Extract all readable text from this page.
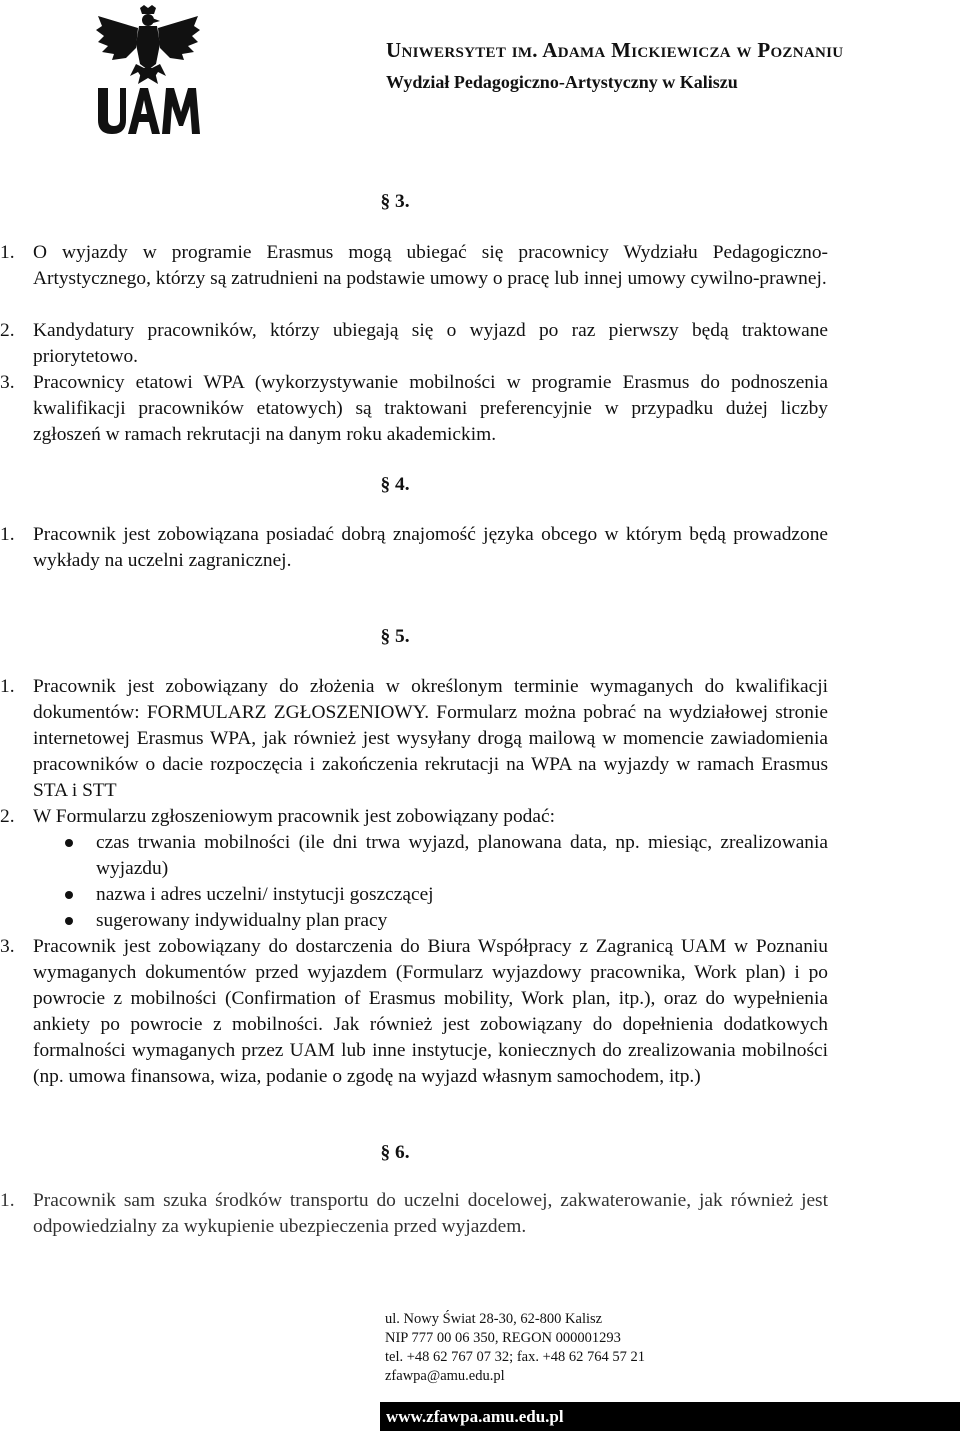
Uniwersytet im. Adama Mickiewicza w Poznaniu
Wydział Pedagogiczno-Artystyczny w Kaliszu
§ 3.
1. O wyjazdy w programie Erasmus mogą ubiegać się pracownicy Wydziału Pedagogiczno-Artystycznego, którzy są zatrudnieni na podstawie umowy o pracę lub innej umowy cywilno-prawnej.
2. Kandydatury pracowników, którzy ubiegają się o wyjazd po raz pierwszy będą traktowane priorytetowo.
3. Pracownicy etatowi WPA (wykorzystywanie mobilności w programie Erasmus do podnoszenia kwalifikacji pracowników etatowych) są traktowani preferencyjnie w przypadku dużej liczby zgłoszeń w ramach rekrutacji na danym roku akademickim.
§ 4.
1. Pracownik jest zobowiązana posiadać dobrą znajomość języka obcego w którym będą prowadzone wykłady na uczelni zagranicznej.
§ 5.
1. Pracownik jest zobowiązany do złożenia w określonym terminie wymaganych do kwalifikacji dokumentów: FORMULARZ ZGŁOSZENIOWY. Formularz można pobrać na wydziałowej stronie internetowej Erasmus WPA, jak również jest wysyłany drogą mailową w momencie zawiadomienia pracowników o dacie rozpoczęcia i zakończenia rekrutacji na WPA na wyjazdy w ramach Erasmus STA i STT
2. W Formularzu zgłoszeniowym pracownik jest zobowiązany podać:
czas trwania mobilności (ile dni trwa wyjazd, planowana data, np. miesiąc, zrealizowania wyjazdu)
nazwa i adres uczelni/ instytucji goszczącej
sugerowany indywidualny plan pracy
3. Pracownik jest zobowiązany do dostarczenia do Biura Współpracy z Zagranicą UAM w Poznaniu wymaganych dokumentów przed wyjazdem (Formularz wyjazdowy pracownika, Work plan) i po powrocie z mobilności (Confirmation of Erasmus mobility, Work plan, itp.), oraz do wypełnienia ankiety po powrocie z mobilności. Jak również jest zobowiązany do dopełnienia dodatkowych formalności wymaganych przez UAM lub inne instytucje, koniecznych do zrealizowania mobilności (np. umowa finansowa, wiza, podanie o zgodę na wyjazd własnym samochodem, itp.)
§ 6.
1. Pracownik sam szuka środków transportu do uczelni docelowej, zakwaterowanie, jak również jest odpowiedzialny za wykupienie ubezpieczenia przed wyjazdem.
ul. Nowy Świat 28-30, 62-800 Kalisz
NIP 777 00 06 350, REGON 000001293
tel. +48 62 767 07 32; fax. +48 62 764 57 21
zfawpa@amu.edu.pl
www.zfawpa.amu.edu.pl
